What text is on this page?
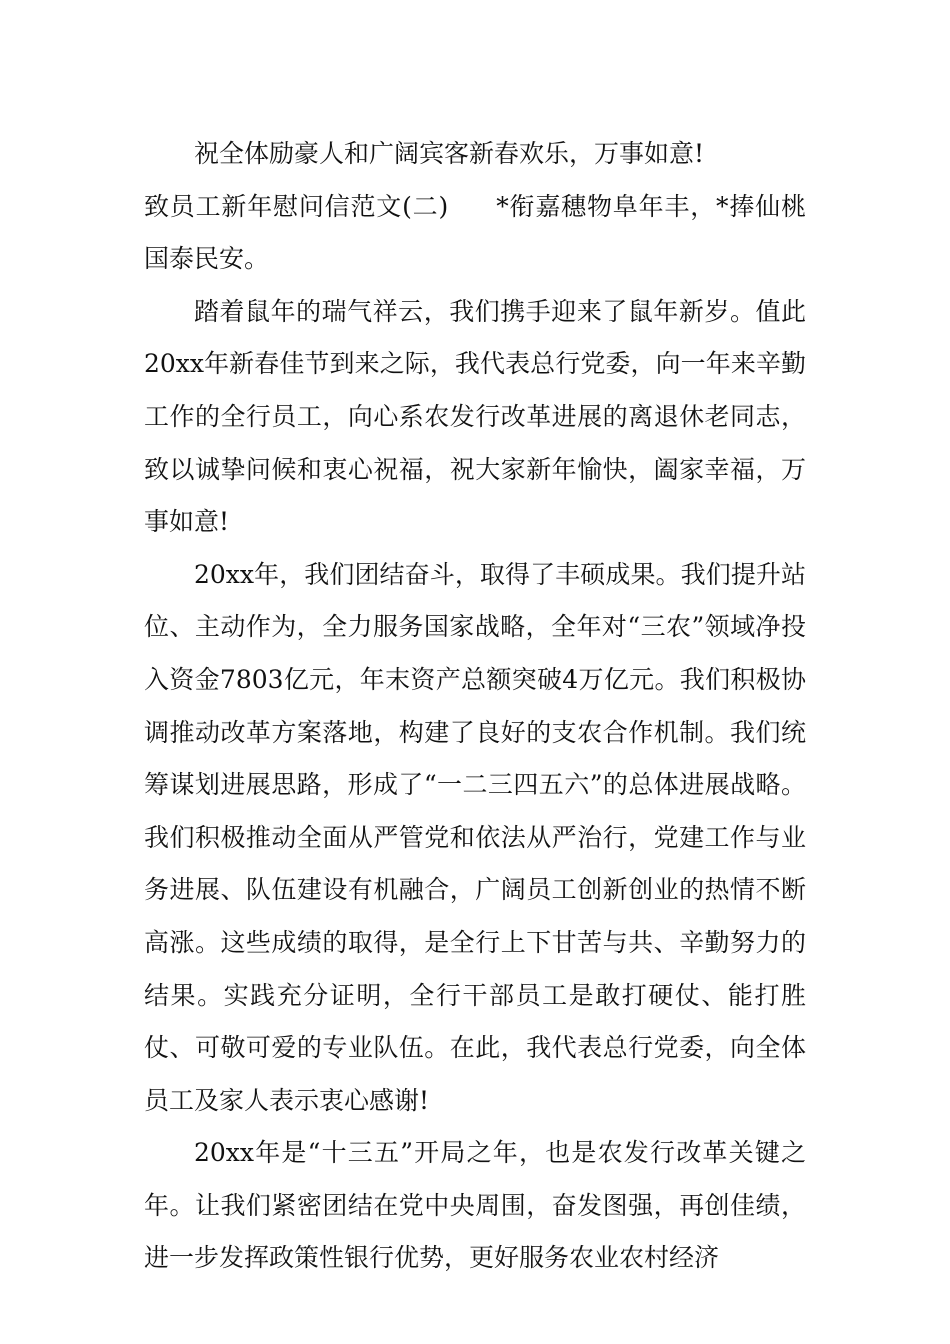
祝全体励豪人和广阔宾客新春欢乐，万事如意!

致员工新年慰问信范文(二) *衔嘉穗物阜年丰，*捧仙桃国泰民安。

踏着鼠年的瑞气祥云，我们携手迎来了鼠年新岁。值此20xx年新春佳节到来之际，我代表总行党委，向一年来辛勤工作的全行员工，向心系农发行改革进展的离退休老同志，致以诚挚问候和衷心祝福，祝大家新年愉快，阖家幸福，万事如意!

20xx年，我们团结奋斗，取得了丰硕成果。我们提升站位、主动作为，全力服务国家战略，全年对“三农”领域净投入资金7803亿元，年末资产总额突破4万亿元。我们积极协调推动改革方案落地，构建了良好的支农合作机制。我们统筹谋划进展思路，形成了“一二三四五六”的总体进展战略。我们积极推动全面从严管党和依法从严治行，党建工作与业务进展、队伍建设有机融合，广阔员工创新创业的热情不断高涨。这些成绩的取得，是全行上下甘苦与共、辛勤努力的结果。实践充分证明，全行干部员工是敢打硬仗、能打胜仗、可敬可爱的专业队伍。在此，我代表总行党委，向全体员工及家人表示衷心感谢!

20xx年是“十三五”开局之年，也是农发行改革关键之年。让我们紧密团结在党中央周围，奋发图强，再创佳绩，进一步发挥政策性银行优势，更好服务农业农村经济
